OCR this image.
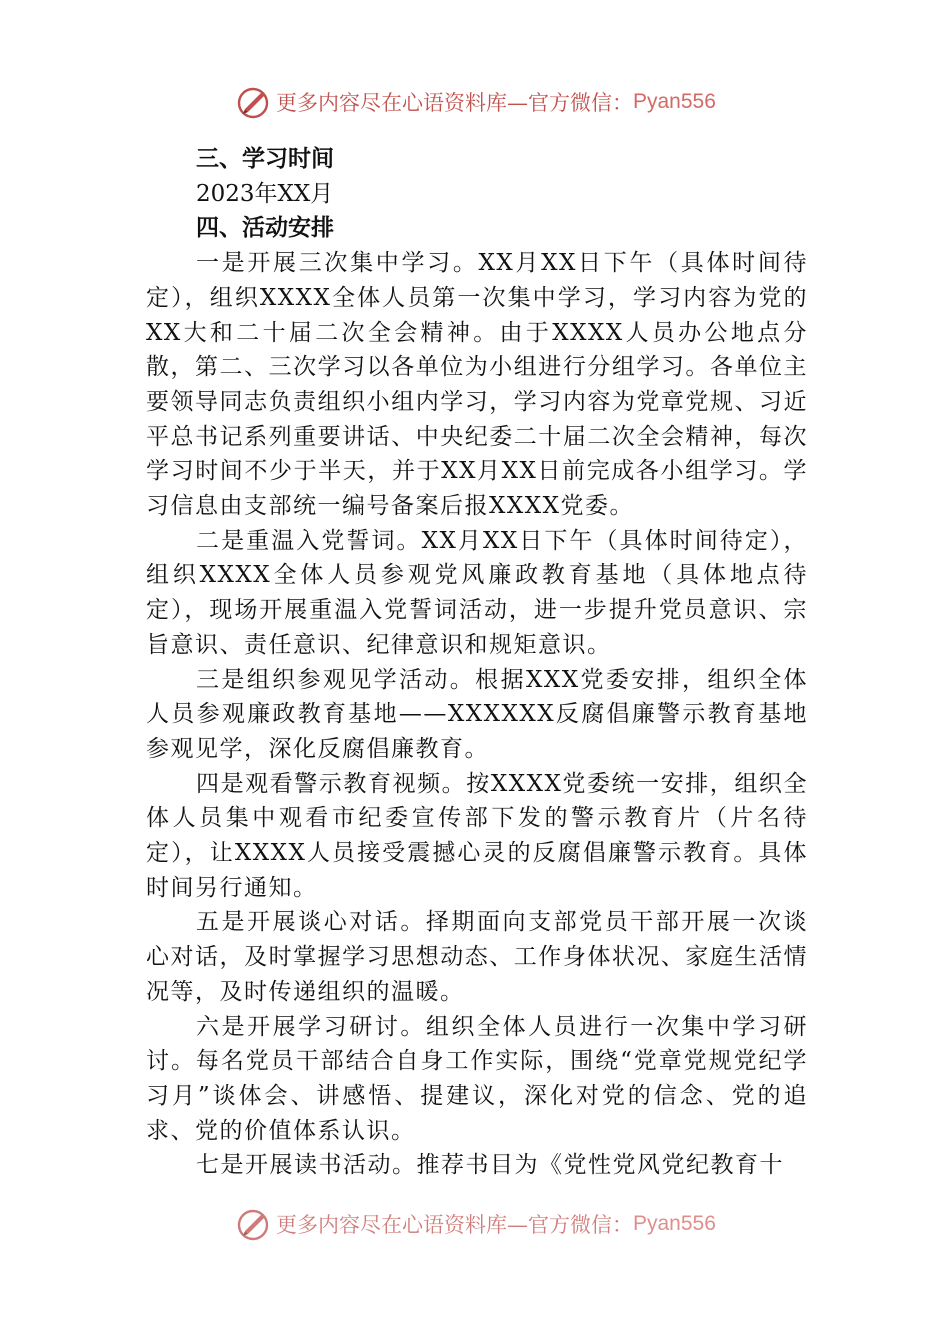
更多内容尽在心语资料库—官方微信： Pyan556

三、学习时间

2023年XX月

四、活动安排

一是开展三次集中学习。XX月XX日下午（具体时间待定），组织XXXX全体人员第一次集中学习，学习内容为党的XX大和二十届二次全会精神。由于XXXX人员办公地点分散，第二、三次学习以各单位为小组进行分组学习。各单位主要领导同志负责组织小组内学习，学习内容为党章党规、习近平总书记系列重要讲话、中央纪委二十届二次全会精神，每次学习时间不少于半天，并于XX月XX日前完成各小组学习。学习信息由支部统一编号备案后报XXXX党委。

二是重温入党誓词。XX月XX日下午（具体时间待定），组织XXXX全体人员参观党风廉政教育基地（具体地点待定），现场开展重温入党誓词活动，进一步提升党员意识、宗旨意识、责任意识、纪律意识和规矩意识。

三是组织参观见学活动。根据XXX党委安排，组织全体人员参观廉政教育基地——XXXXXX反腐倡廉警示教育基地参观见学，深化反腐倡廉教育。

四是观看警示教育视频。按XXXX党委统一安排，组织全体人员集中观看市纪委宣传部下发的警示教育片（片名待定），让XXXX人员接受震撼心灵的反腐倡廉警示教育。具体时间另行通知。

五是开展谈心对话。择期面向支部党员干部开展一次谈心对话，及时掌握学习思想动态、工作身体状况、家庭生活情况等，及时传递组织的温暖。

六是开展学习研讨。组织全体人员进行一次集中学习研讨。每名党员干部结合自身工作实际，围绕“党章党规党纪学习月”谈体会、讲感悟、提建议，深化对党的信念、党的追求、党的价值体系认识。

七是开展读书活动。推荐书目为《党性党风党纪教育十

更多内容尽在心语资料库—官方微信： Pyan556
